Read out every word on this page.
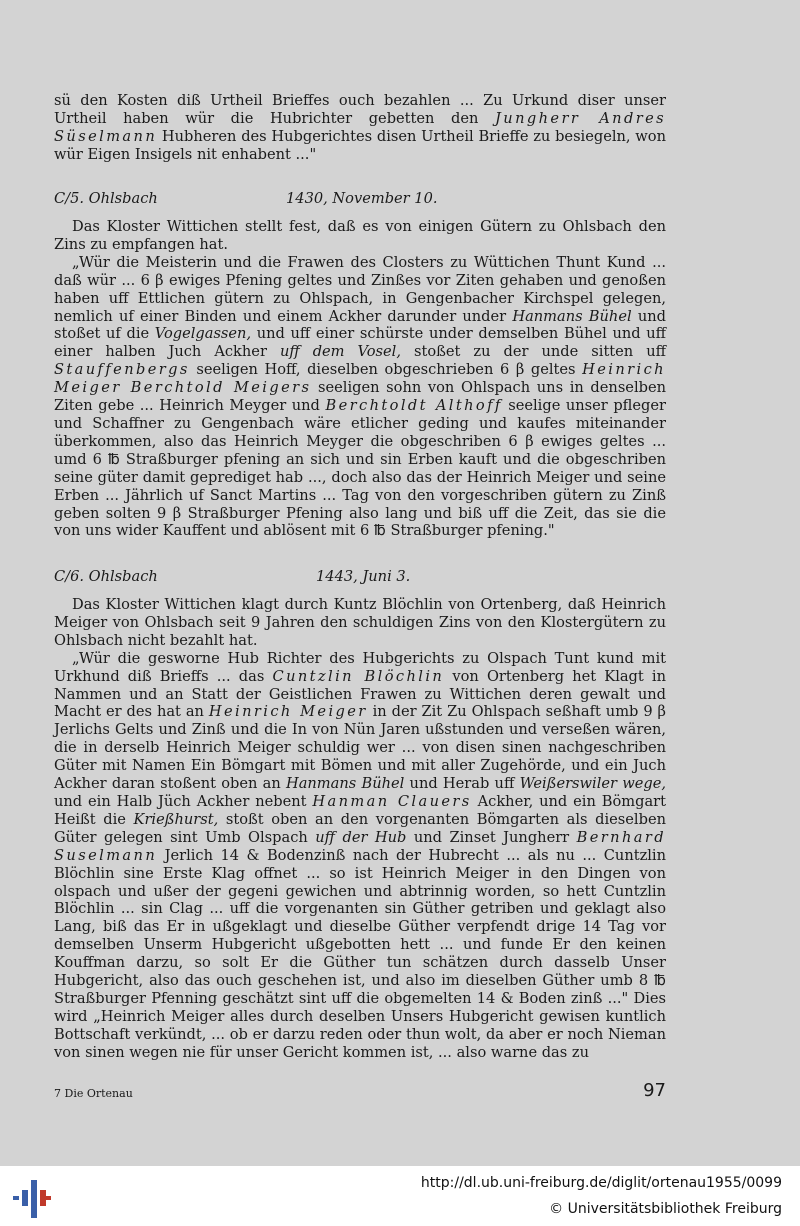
sü den Kosten diß Urtheil Brieffes ouch bezahlen ... Zu Urkund diser unser Urtheil haben wür die Hubrichter gebetten den Jungherr Andres Süselmann Hubheren des Hubgerichtes disen Urtheil Brieffe zu besiegeln, won wür Eigen Insigels nit enhabent ..."

C/5. Ohlsbach	1430, November 10.

Das Kloster Wittichen stellt fest, daß es von einigen Gütern zu Ohlsbach den Zins zu empfangen hat.

„Wür die Meisterin und die Frawen des Closters zu Wüttichen Thunt Kund ... daß wür ... 6 β ewiges Pfening geltes und Zinßes vor Ziten gehaben und genoßen haben uff Ettlichen gütern zu Ohlspach, in Gengenbacher Kirchspel gelegen, nemlich uf einer Binden und einem Ackher darunder under Hanmans Bühel und stoßet uf die Vogelgassen, und uff einer schürste under demselben Bühel und uff einer halben Juch Ackher uff dem Vosel, stoßet zu der unde sitten uff Stauffenbergs seeligen Hoff, dieselben obgeschrieben 6 β geltes Heinrich Meiger Berchtold Meigers seeligen sohn von Ohlspach uns in denselben Ziten gebe ... Heinrich Meyger und Berchtoldt Althoff seelige unser pfleger und Schaffner zu Gengenbach wäre etlicher geding und kaufes miteinander überkommen, also das Heinrich Meyger die obgeschriben 6 β ewiges geltes ... umd 6 ℔ Straßburger pfening an sich und sin Erben kauft und die obgeschriben seine güter damit geprediget hab ..., doch also das der Heinrich Meiger und seine Erben ... Jährlich uf Sanct Martins ... Tag von den vorgeschriben gütern zu Zinß geben solten 9 β Straßburger Pfening also lang und biß uff die Zeit, das sie die von uns wider Kauffent und ablösent mit 6 ℔ Straßburger pfening."

C/6. Ohlsbach	1443, Juni 3.

Das Kloster Wittichen klagt durch Kuntz Blöchlin von Ortenberg, daß Heinrich Meiger von Ohlsbach seit 9 Jahren den schuldigen Zins von den Klostergütern zu Ohlsbach nicht bezahlt hat.

„Wür die gesworne Hub Richter des Hubgerichts zu Olspach Tunt kund mit Urkhund diß Brieffs ... das Cuntzlin Blöchlin von Ortenberg het Klagt in Nammen und an Statt der Geistlichen Frawen zu Wittichen deren gewalt und Macht er des hat an Heinrich Meiger in der Zit Zu Ohlspach seßhaft umb 9 β Jerlichs Gelts und Zinß und die In von Nün Jaren ußstunden und verseßen wären, die in derselb Heinrich Meiger schuldig wer ... von disen sinen nachgeschriben Güter mit Namen Ein Bömgart mit Bömen und mit aller Zugehörde, und ein Juch Ackher daran stoßent oben an Hanmans Bühel und Herab uff Weißerswiler wege, und ein Halb Jüch Ackher nebent Hanman Clauers Ackher, und ein Bömgart Heißt die Krießhurst, stoßt oben an den vorgenanten Bömgarten als dieselben Güter gelegen sint Umb Olspach uff der Hub und Zinset Jungherr Bernhard Suselmann Jerlich 14 & Bodenzinß nach der Hubrecht ... als nu ... Cuntzlin Blöchlin sine Erste Klag offnet ... so ist Heinrich Meiger in den Dingen von olspach und ußer der gegeni gewichen und abtrinnig worden, so hett Cuntzlin Blöchlin ... sin Clag ... uff die vorgenanten sin Güther getriben und geklagt also Lang, biß das Er in ußgeklagt und dieselbe Güther verpfendt drige 14 Tag vor demselben Unserm Hubgericht ußgebotten hett ... und funde Er den keinen Kouffman darzu, so solt Er die Güther tun schätzen durch dasselb Unser Hubgericht, also das ouch geschehen ist, und also im dieselben Güther umb 8 ℔ Straßburger Pfenning geschätzt sint uff die obgemelten 14 & Boden zinß ..." Dies wird „Heinrich Meiger alles durch deselben Unsers Hubgericht gewisen kuntlich Bottschaft verkündt, ... ob er darzu reden oder thun wolt, da aber er noch Nieman von sinen wegen nie für unser Gericht kommen ist, ... also warne das zu

7 Die Ortenau	97
http://dl.ub.uni-freiburg.de/diglit/ortenau1955/0099
© Universitätsbibliothek Freiburg
